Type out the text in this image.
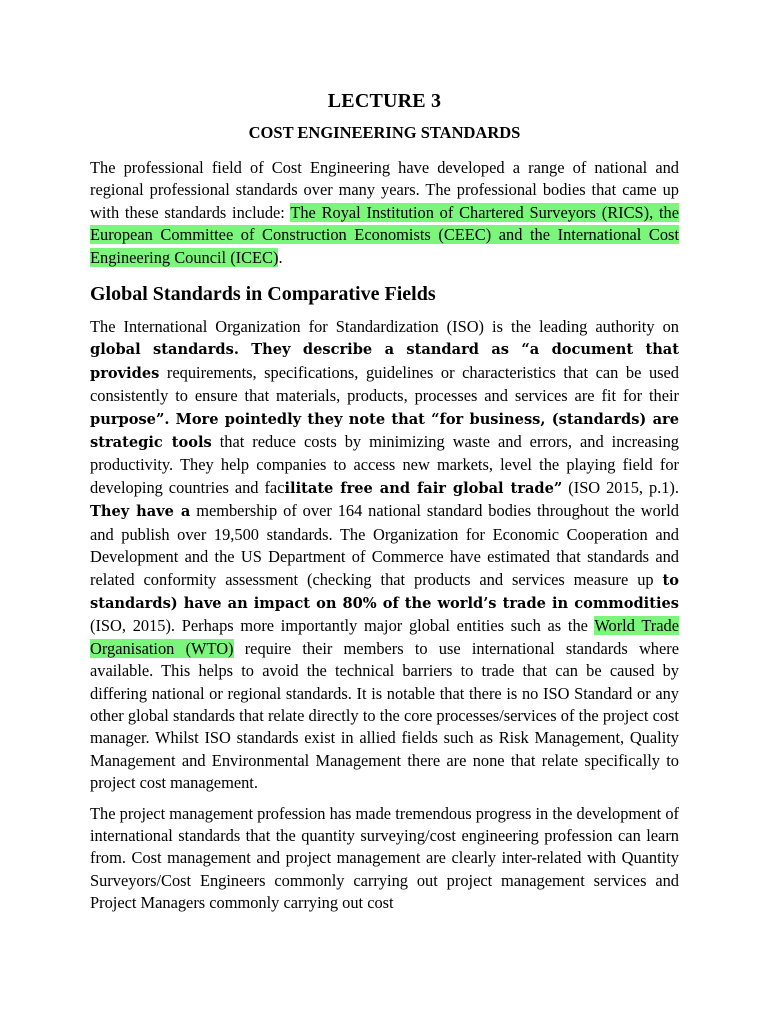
LECTURE 3
COST ENGINEERING STANDARDS

The professional field of Cost Engineering have developed a range of national and regional professional standards over many years. The professional bodies that came up with these standards include: The Royal Institution of Chartered Surveyors (RICS), the European Committee of Construction Economists (CEEC) and the International Cost Engineering Council (ICEC).

Global Standards in Comparative Fields

The International Organization for Standardization (ISO) is the leading authority on global standards. They describe a standard as “a document that provides requirements, specifications, guidelines or characteristics that can be used consistently to ensure that materials, products, processes and services are fit for their purpose”. More pointedly they note that “for business, (standards) are strategic tools that reduce costs by minimizing waste and errors, and increasing productivity. They help companies to access new markets, level the playing field for developing countries and facilitate free and fair global trade” (ISO 2015, p.1). They have a membership of over 164 national standard bodies throughout the world and publish over 19,500 standards. The Organization for Economic Cooperation and Development and the US Department of Commerce have estimated that standards and related conformity assessment (checking that products and services measure up to standards) have an impact on 80% of the world’s trade in commodities (ISO, 2015). Perhaps more importantly major global entities such as the World Trade Organisation (WTO) require their members to use international standards where available. This helps to avoid the technical barriers to trade that can be caused by differing national or regional standards. It is notable that there is no ISO Standard or any other global standards that relate directly to the core processes/services of the project cost manager. Whilst ISO standards exist in allied fields such as Risk Management, Quality Management and Environmental Management there are none that relate specifically to project cost management.

The project management profession has made tremendous progress in the development of international standards that the quantity surveying/cost engineering profession can learn from. Cost management and project management are clearly inter-related with Quantity Surveyors/Cost Engineers commonly carrying out project management services and Project Managers commonly carrying out cost
